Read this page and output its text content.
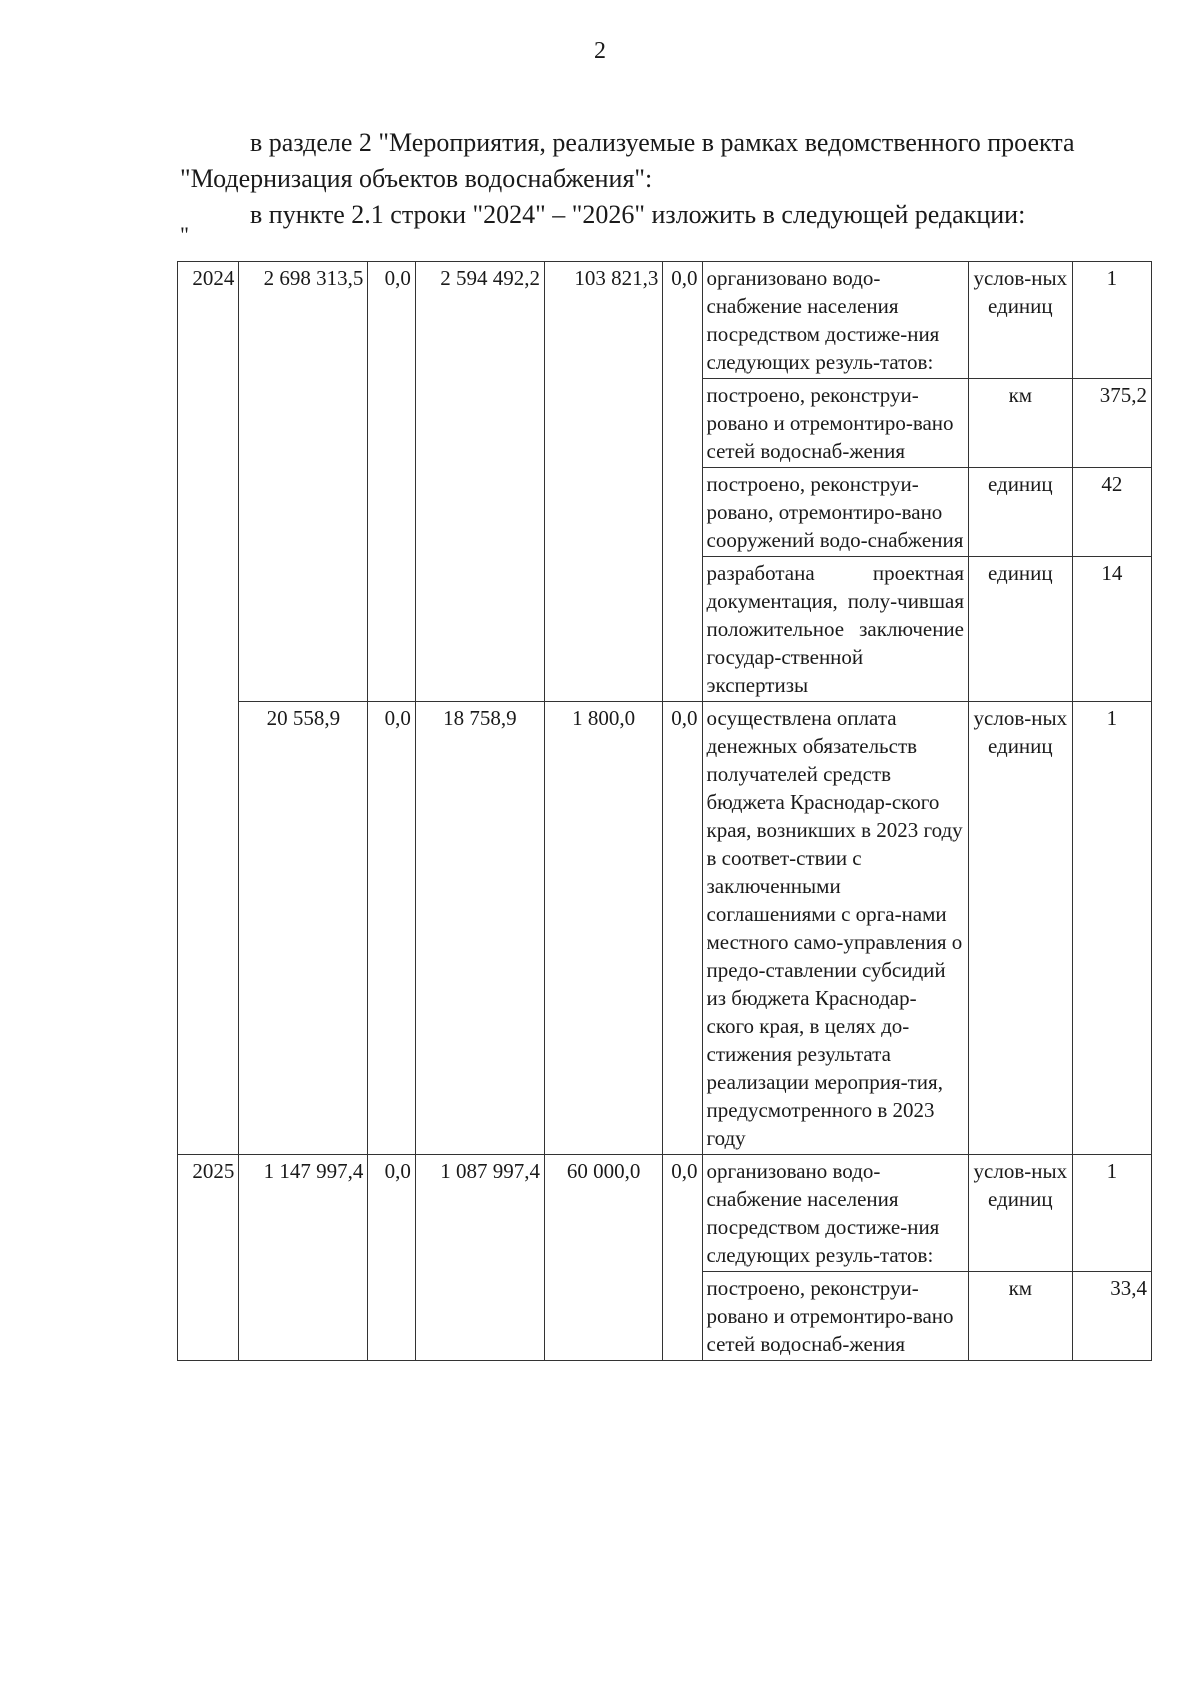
2

в разделе 2 "Мероприятия, реализуемые в рамках ведомственного проекта "Модернизация объектов водоснабжения":

в пункте 2.1 строки "2024" – "2026" изложить в следующей редакции:

"
2024	2 698 313,5	0,0	2 594 492,2	103 821,3	0,0	организовано водо-снабжение населения посредством достиже-ния следующих резуль-татов:	услов-ных единиц	1
						построено, реконструи-ровано и отремонтиро-вано сетей водоснаб-жения	км	375,2
						построено, реконструи-ровано, отремонтиро-вано сооружений водо-снабжения	единиц	42
						разработана проектная документация, полу-чившая положительное заключение государ-ственной экспертизы	единиц	14
	20 558,9	0,0	18 758,9	1 800,0	0,0	осуществлена оплата денежных обязательств получателей средств бюджета Краснодар-ского края, возникших в 2023 году в соответ-ствии с заключенными соглашениями с орга-нами местного само-управления о предо-ставлении субсидий из бюджета Краснодар-ского края, в целях до-стижения результата реализации мероприя-тия, предусмотренного в 2023 году	услов-ных единиц	1
2025	1 147 997,4	0,0	1 087 997,4	60 000,0	0,0	организовано водо-снабжение населения посредством достиже-ния следующих резуль-татов:	услов-ных единиц	1
						построено, реконструи-ровано и отремонтиро-вано сетей водоснаб-жения	км	33,4
